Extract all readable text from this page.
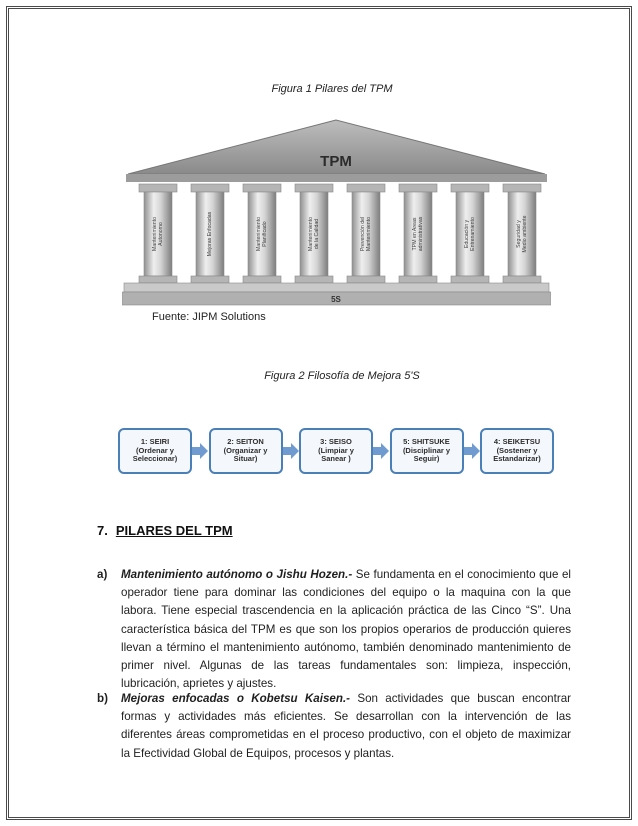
Figura 1 Pilares del TPM
TPM
MantenimientoAutonomo	Mejoras Enfocadas	MantenimientoPlanificado	Mantenimientode la Calidad	Prevención delMantenimiento	TPM en Areasadministrativas	Educación yEntrenamiento	Seguridad yMedio ambiente
5S
Fuente: JIPM Solutions
Figura 2 Filosofía de Mejora 5'S
1: SEIRI
(Ordenar y
Seleccionar)
2: SEITON
(Organizar y
Situar)
3: SEISO
(Limpiar y
Sanear )
5: SHITSUKE
(Disciplinar y
Seguir)
4: SEIKETSU
(Sostener y
Estandarizar)
7. PILARES DEL TPM
a) Mantenimiento autónomo o Jishu Hozen.- Se fundamenta en el conocimiento que el operador tiene para dominar las condiciones del equipo o la maquina con la que labora. Tiene especial trascendencia en la aplicación práctica de las Cinco “S”. Una característica básica del TPM es que son los propios operarios de producción quieres llevan a término el mantenimiento autónomo, también denominado mantenimiento de primer nivel. Algunas de las tareas fundamentales son: limpieza, inspección, lubricación, aprietes y ajustes.
b) Mejoras enfocadas o Kobetsu Kaisen.- Son actividades que buscan encontrar formas y actividades más eficientes. Se desarrollan con la intervención de las diferentes áreas comprometidas en el proceso productivo, con el objeto de maximizar la Efectividad Global de Equipos, procesos y plantas.
